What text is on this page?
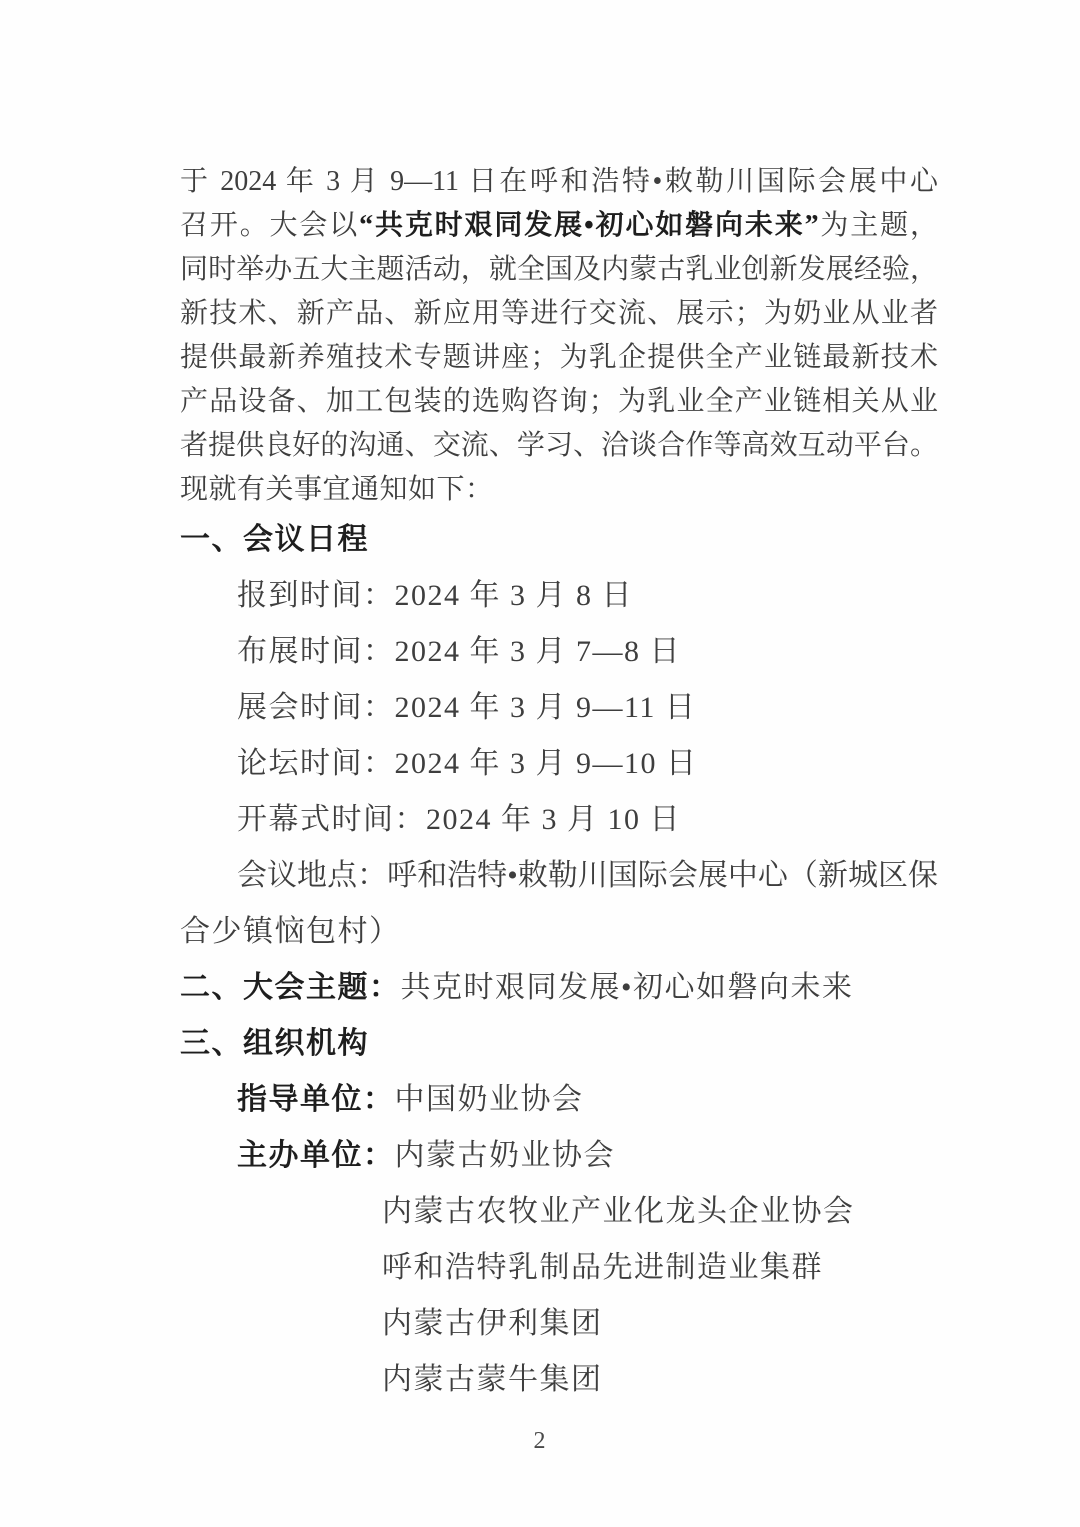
于 2024 年 3 月 9—11 日在呼和浩特•敕勒川国际会展中心
召开。大会以“共克时艰同发展•初心如磐向未来”为主题，
同时举办五大主题活动，就全国及内蒙古乳业创新发展经验，
新技术、新产品、新应用等进行交流、展示；为奶业从业者
提供最新养殖技术专题讲座；为乳企提供全产业链最新技术
产品设备、加工包装的选购咨询；为乳业全产业链相关从业
者提供良好的沟通、交流、学习、洽谈合作等高效互动平台。
现就有关事宜通知如下：
一、会议日程
报到时间：2024 年 3 月 8 日
布展时间：2024 年 3 月 7—8 日
展会时间：2024 年 3 月 9—11 日
论坛时间：2024 年 3 月 9—10 日
开幕式时间：2024 年 3 月 10 日
会议地点：呼和浩特•敕勒川国际会展中心（新城区保
合少镇恼包村）
二、大会主题：共克时艰同发展•初心如磐向未来
三、组织机构
指导单位：中国奶业协会
主办单位：内蒙古奶业协会
内蒙古农牧业产业化龙头企业协会
呼和浩特乳制品先进制造业集群
内蒙古伊利集团
内蒙古蒙牛集团
2
